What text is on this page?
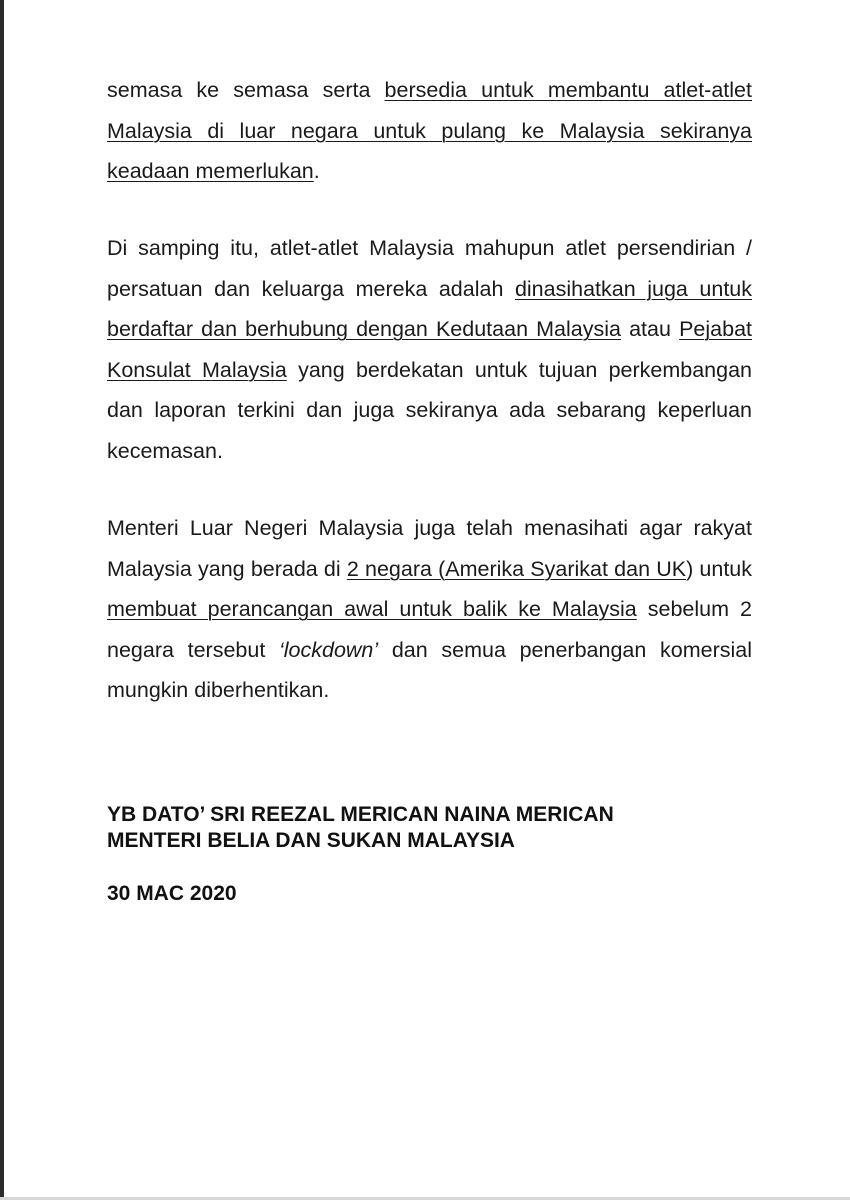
semasa ke semasa serta bersedia untuk membantu atlet-atlet Malaysia di luar negara untuk pulang ke Malaysia sekiranya keadaan memerlukan.

Di samping itu, atlet-atlet Malaysia mahupun atlet persendirian / persatuan dan keluarga mereka adalah dinasihatkan juga untuk berdaftar dan berhubung dengan Kedutaan Malaysia atau Pejabat Konsulat Malaysia yang berdekatan untuk tujuan perkembangan dan laporan terkini dan juga sekiranya ada sebarang keperluan kecemasan.

Menteri Luar Negeri Malaysia juga telah menasihati agar rakyat Malaysia yang berada di 2 negara (Amerika Syarikat dan UK) untuk membuat perancangan awal untuk balik ke Malaysia sebelum 2 negara tersebut ‘lockdown’ dan semua penerbangan komersial mungkin diberhentikan.

YB DATO’ SRI REEZAL MERICAN NAINA MERICAN

MENTERI BELIA DAN SUKAN MALAYSIA

30 MAC 2020
